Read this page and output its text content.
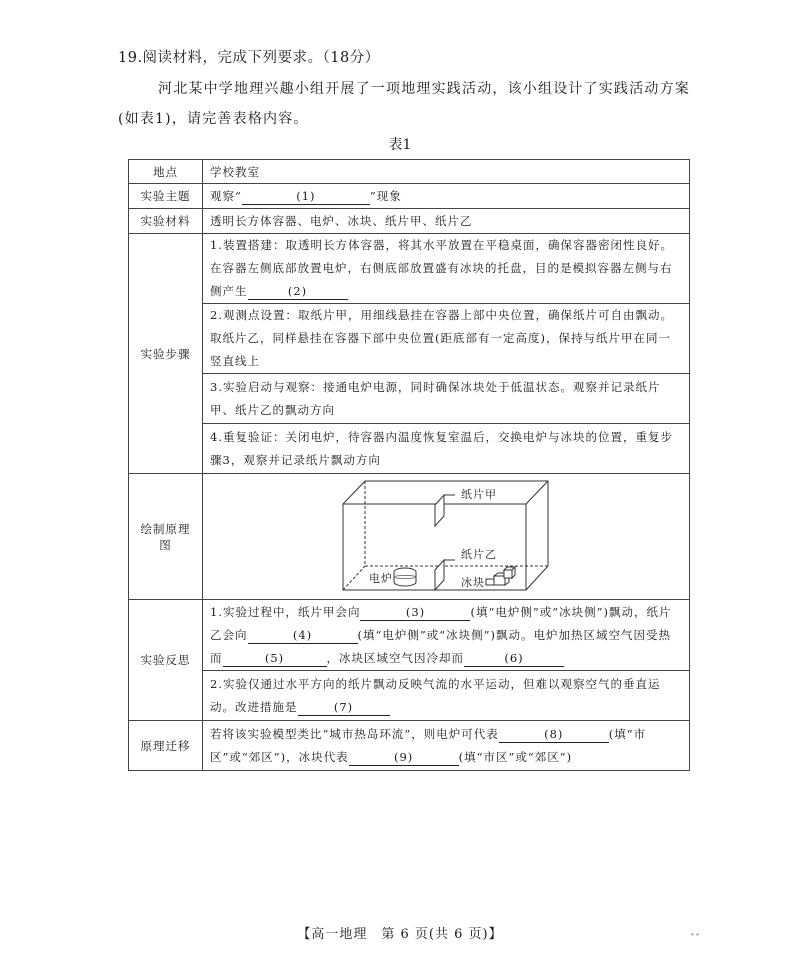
19.阅读材料，完成下列要求。（18分）
河北某中学地理兴趣小组开展了一项地理实践活动，该小组设计了实践活动方案(如表1)，请完善表格内容。
表1
地点	学校教室
实验主题	观察“ (1) ”现象
实验材料	透明长方体容器、电炉、冰块、纸片甲、纸片乙
实验步骤	1.装置搭建：取透明长方体容器，将其水平放置在平稳桌面，确保容器密闭性良好。在容器左侧底部放置电炉，右侧底部放置盛有冰块的托盘，目的是模拟容器左侧与右侧产生 (2)
	2.观测点设置：取纸片甲，用细线悬挂在容器上部中央位置，确保纸片可自由飘动。取纸片乙，同样悬挂在容器下部中央位置(距底部有一定高度)，保持与纸片甲在同一竖直线上
	3.实验启动与观察：接通电炉电源，同时确保冰块处于低温状态。观察并记录纸片甲、纸片乙的飘动方向
	4.重复验证：关闭电炉，待容器内温度恢复室温后，交换电炉与冰块的位置，重复步骤3，观察并记录纸片飘动方向
绘制原理图	纸片甲
纸片乙
电炉 冰块

实验反思	1.实验过程中，纸片甲会向 (3) (填“电炉侧”或“冰块侧”)飘动，纸片乙会向 (4) (填“电炉侧”或“冰块侧”)飘动。电炉加热区域空气因受热而 (5) ，冰块区域空气因冷却而 (6)
	2.实验仅通过水平方向的纸片飘动反映气流的水平运动，但难以观察空气的垂直运动。改进措施是 (7)
原理迁移	若将该实验模型类比“城市热岛环流”，则电炉可代表 (8) (填“市区”或“郊区”)，冰块代表 (9) (填“市区”或“郊区”)
【高一地理　第 6 页(共 6 页)】	ˇˇ
